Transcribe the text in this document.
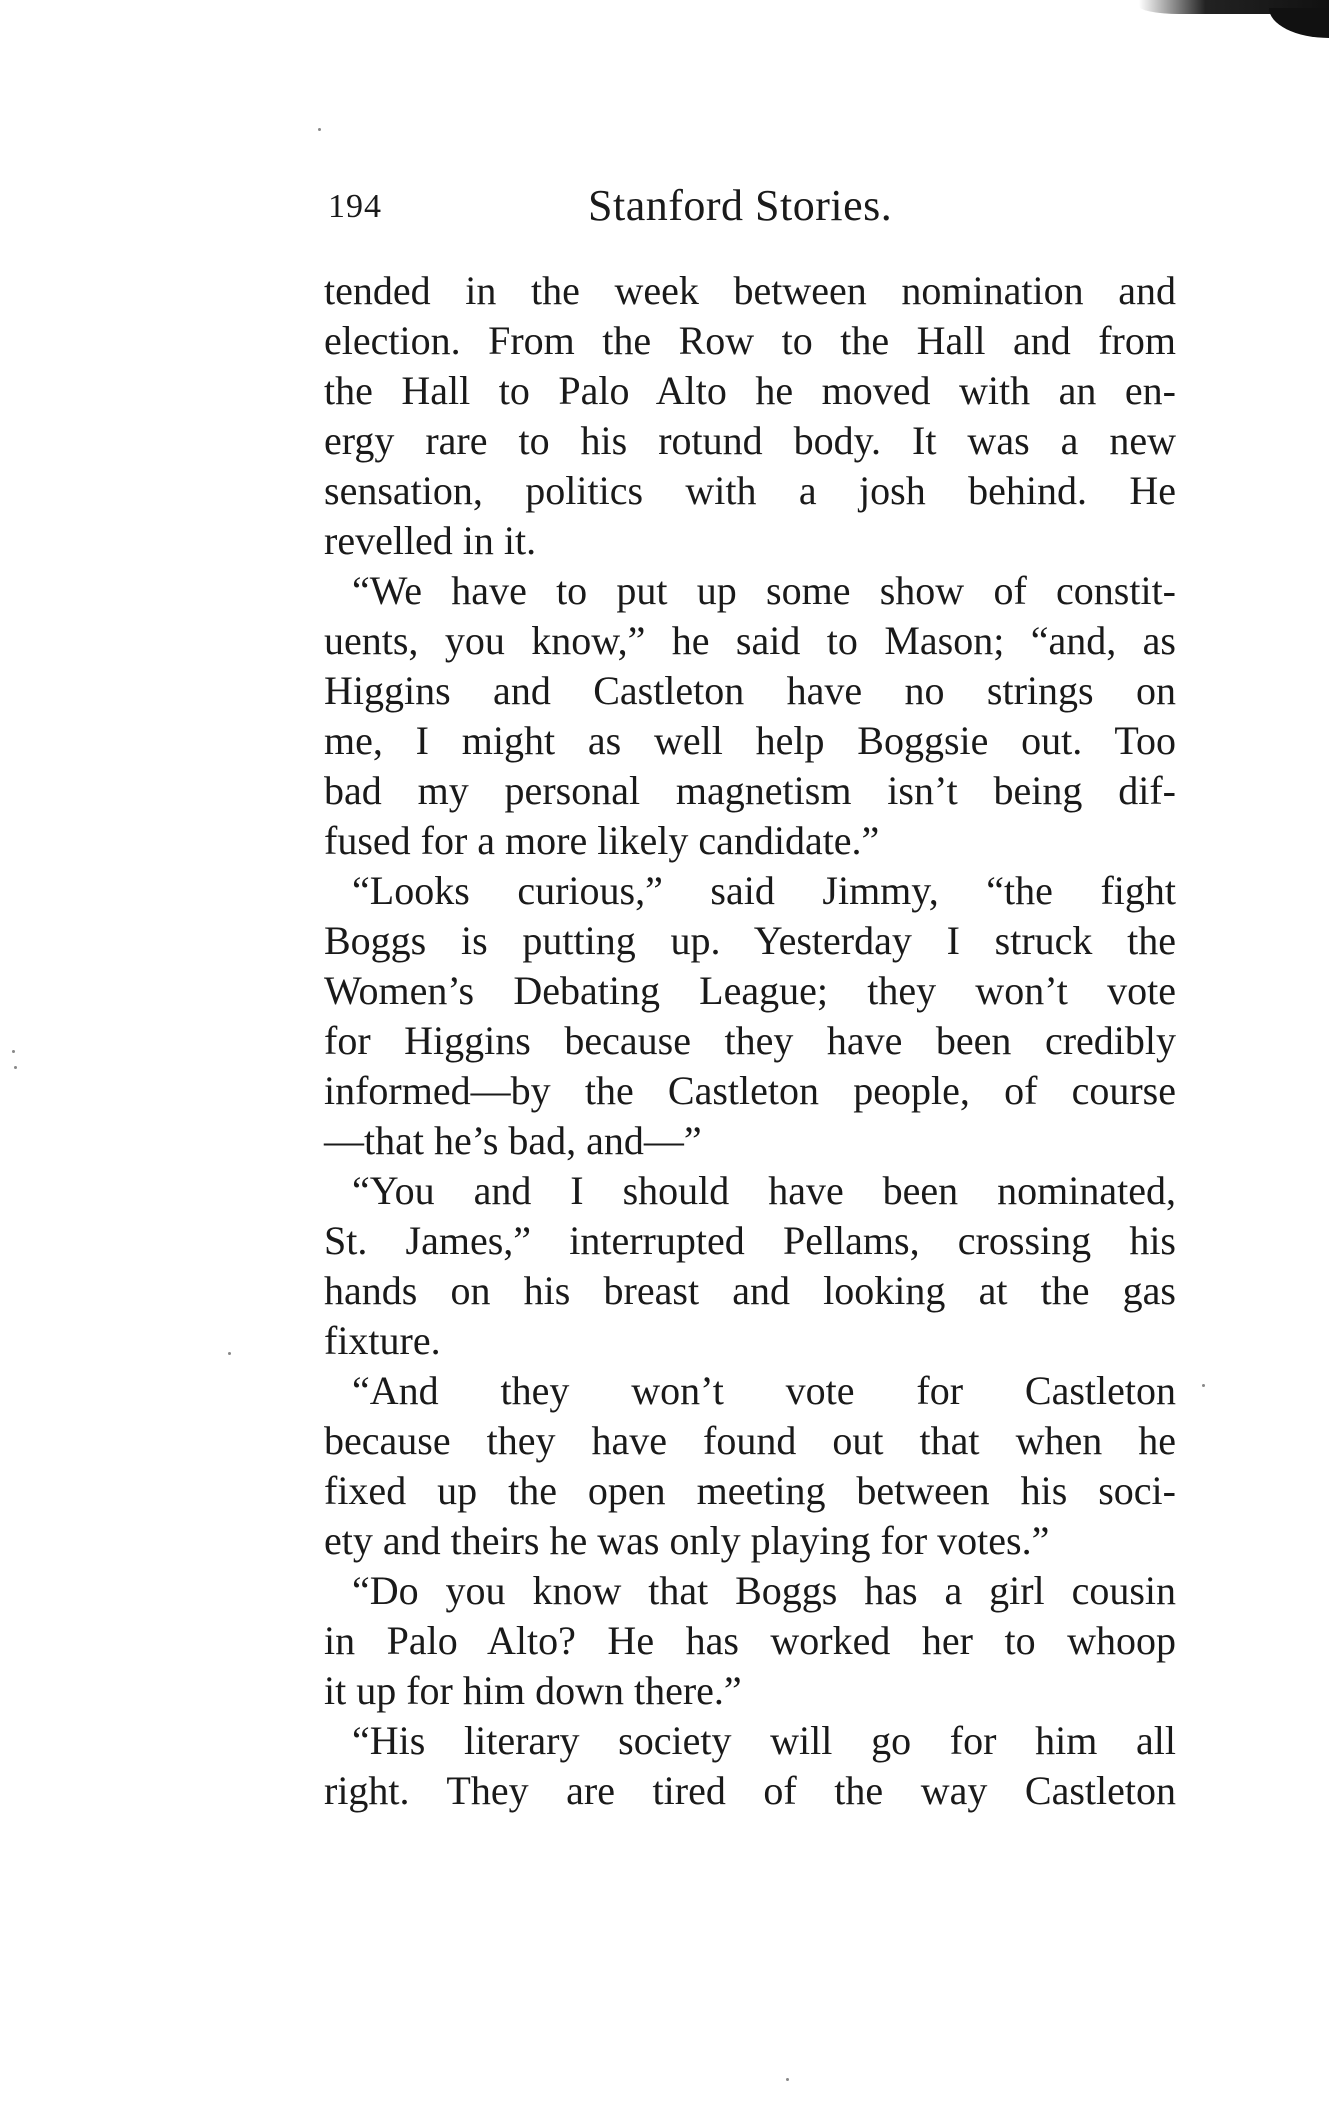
194	Stanford Stories.
tended in the week between nomination and
election. From the Row to the Hall and from
the Hall to Palo Alto he moved with an en-
ergy rare to his rotund body. It was a new
sensation, politics with a josh behind. He
revelled in it.
“We have to put up some show of constit-
uents, you know,” he said to Mason; “and, as
Higgins and Castleton have no strings on
me, I might as well help Boggsie out. Too
bad my personal magnetism isn’t being dif-
fused for a more likely candidate.”
“Looks curious,” said Jimmy, “the fight
Boggs is putting up. Yesterday I struck the
Women’s Debating League; they won’t vote
for Higgins because they have been credibly
informed—by the Castleton people, of course
—that he’s bad, and—”
“You and I should have been nominated,
St. James,” interrupted Pellams, crossing his
hands on his breast and looking at the gas
fixture.
“And they won’t vote for Castleton
because they have found out that when he
fixed up the open meeting between his soci-
ety and theirs he was only playing for votes.”
“Do you know that Boggs has a girl cousin
in Palo Alto? He has worked her to whoop
it up for him down there.”
“His literary society will go for him all
right. They are tired of the way Castleton
